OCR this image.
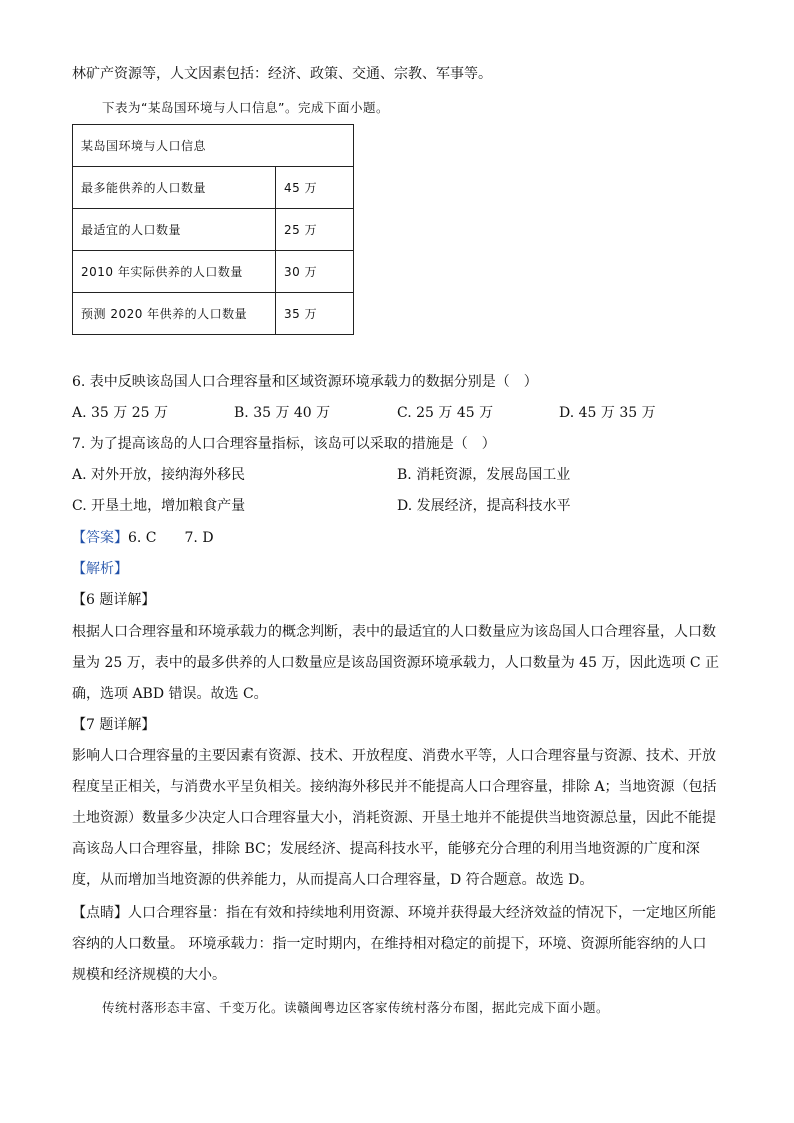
林矿产资源等，人文因素包括：经济、政策、交通、宗教、军事等。
下表为“某岛国环境与人口信息”。完成下面小题。
某岛国环境与人口信息	
最多能供养的人口数量	45 万
最适宜的人口数量	25 万
2010 年实际供养的人口数量	30 万
预测 2020 年供养的人口数量	35 万
6. 表中反映该岛国人口合理容量和区域资源环境承载力的数据分别是（　）
A. 35 万 25 万	B. 35 万 40 万	C. 25 万 45 万	D. 45 万 35 万
7. 为了提高该岛的人口合理容量指标，该岛可以采取的措施是（　）
A. 对外开放，接纳海外移民	B. 消耗资源，发展岛国工业
C. 开垦土地，增加粮食产量	D. 发展经济，提高科技水平
【答案】6. C　　7. D
【解析】
【6 题详解】
根据人口合理容量和环境承载力的概念判断，表中的最适宜的人口数量应为该岛国人口合理容量，人口数
量为 25 万，表中的最多供养的人口数量应是该岛国资源环境承载力，人口数量为 45 万，因此选项 C 正
确，选项 ABD 错误。故选 C。
【7 题详解】
影响人口合理容量的主要因素有资源、技术、开放程度、消费水平等，人口合理容量与资源、技术、开放
程度呈正相关，与消费水平呈负相关。接纳海外移民并不能提高人口合理容量，排除 A；当地资源（包括
土地资源）数量多少决定人口合理容量大小，消耗资源、开垦土地并不能提供当地资源总量，因此不能提
高该岛人口合理容量，排除 BC；发展经济、提高科技水平，能够充分合理的利用当地资源的广度和深
度，从而增加当地资源的供养能力，从而提高人口合理容量，D 符合题意。故选 D。
【点睛】人口合理容量：指在有效和持续地利用资源、环境并获得最大经济效益的情况下，一定地区所能
容纳的人口数量。 环境承载力：指一定时期内，在维持相对稳定的前提下，环境、资源所能容纳的人口
规模和经济规模的大小。
传统村落形态丰富、千变万化。读赣闽粤边区客家传统村落分布图，据此完成下面小题。
